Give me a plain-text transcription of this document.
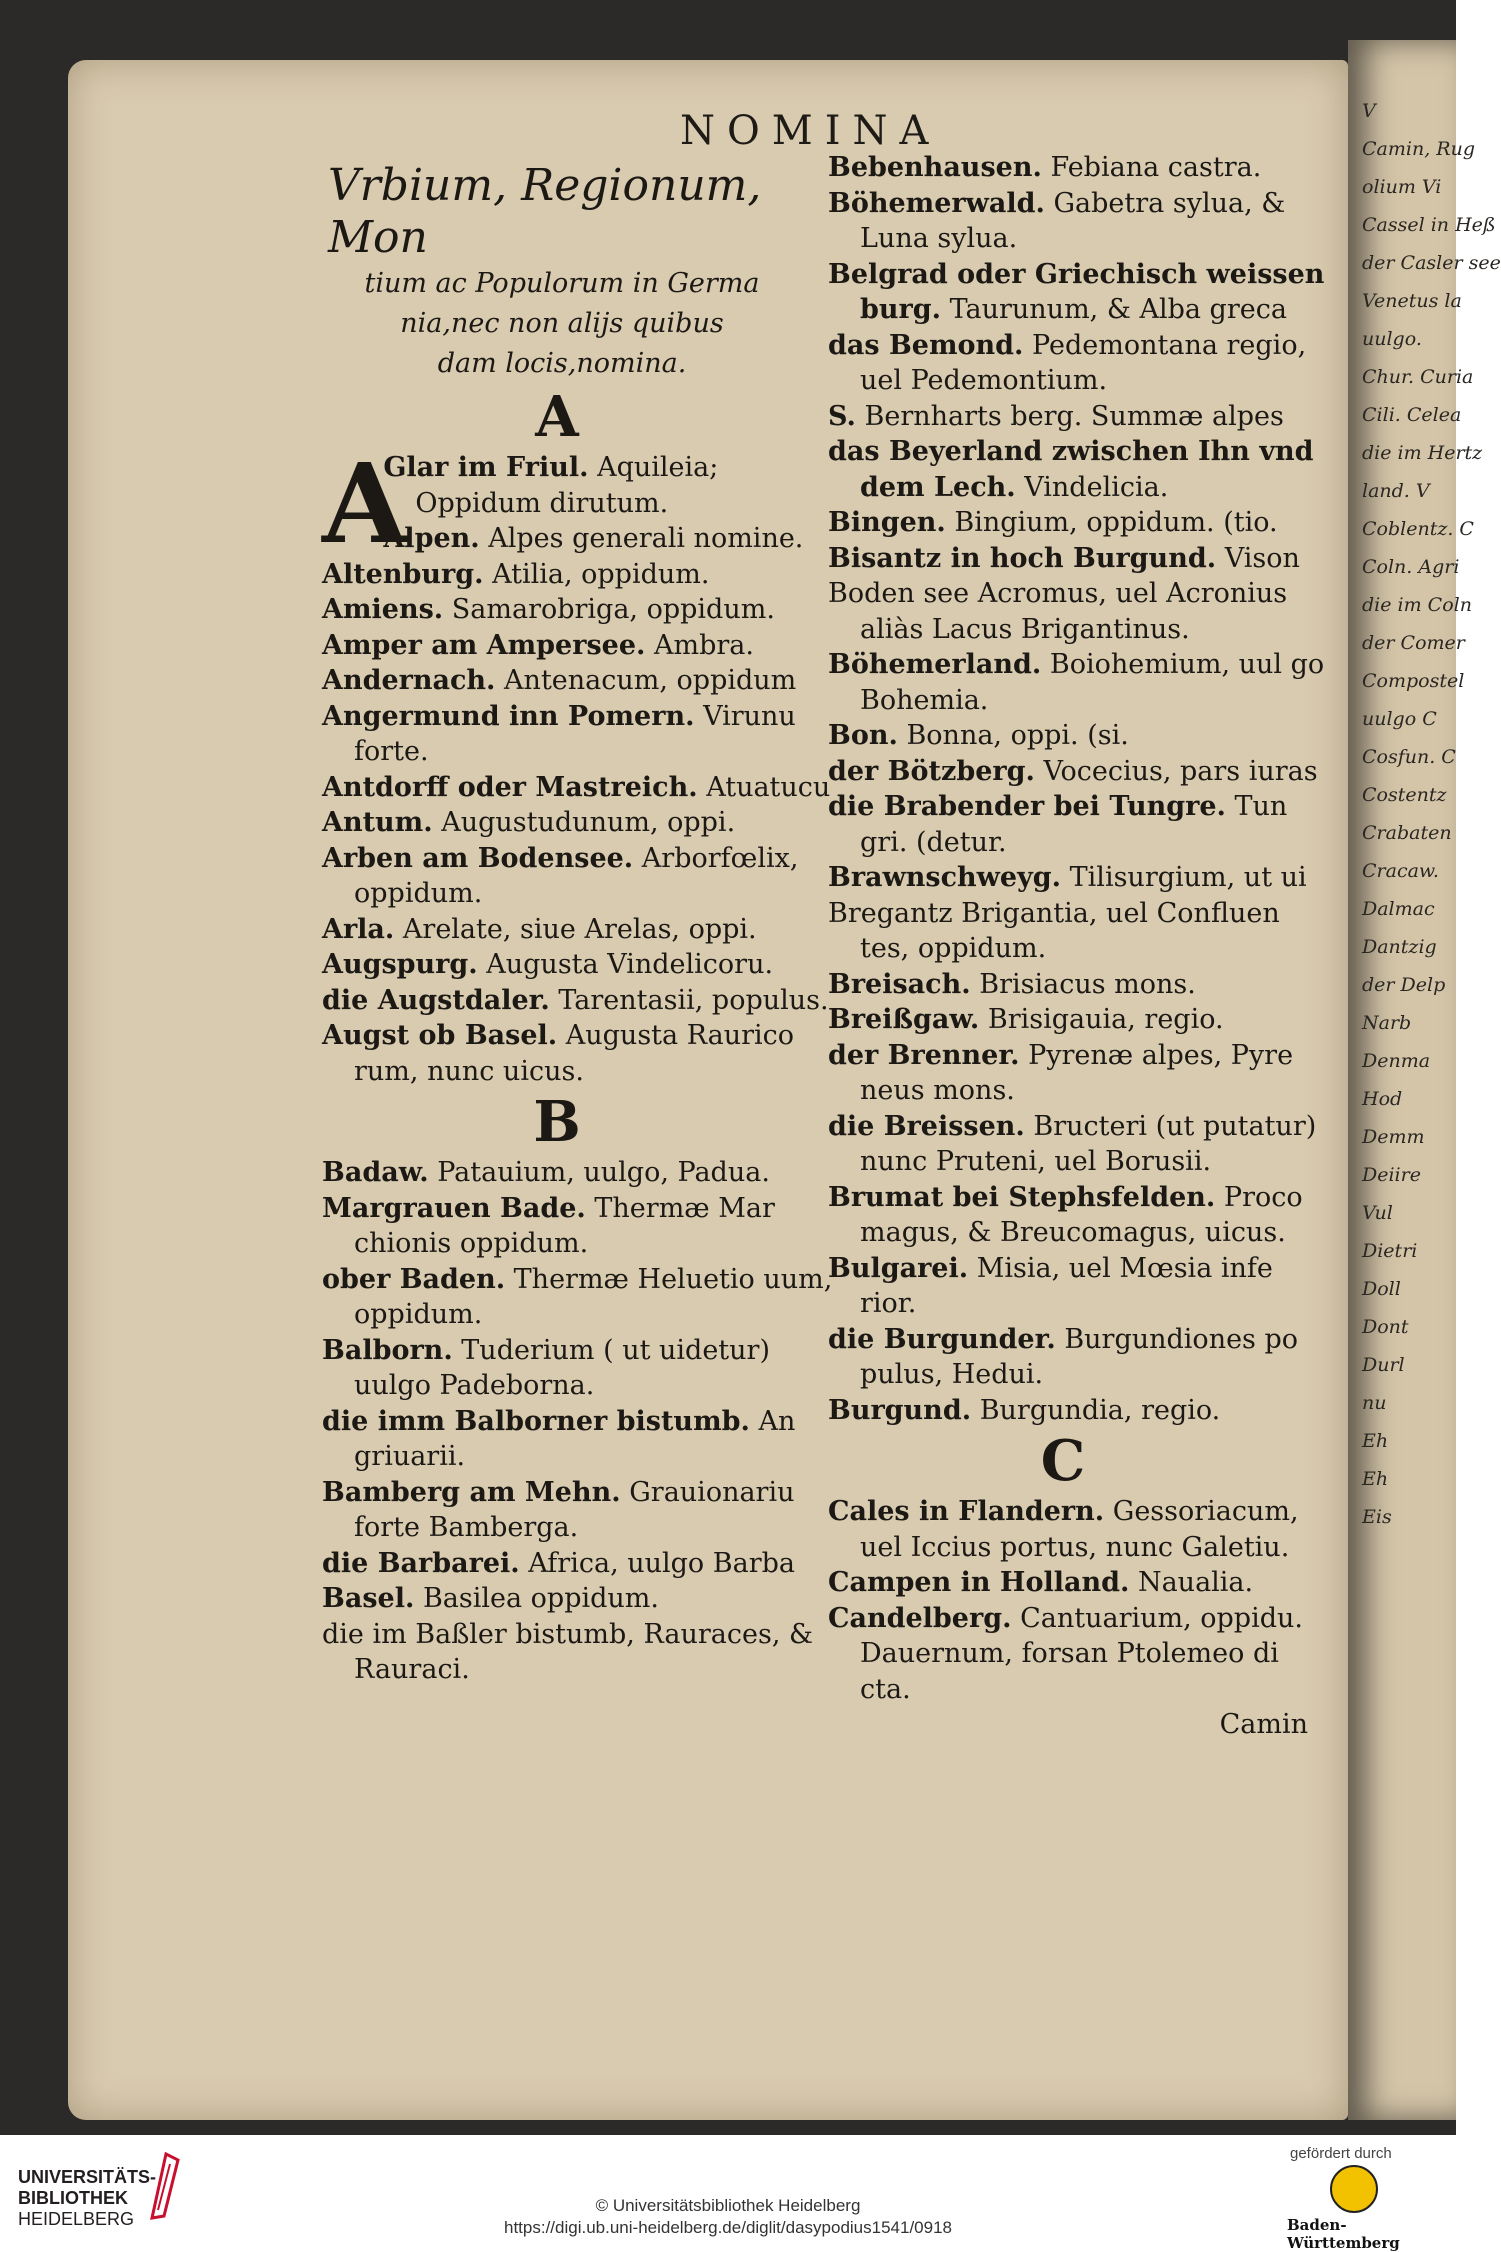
V
Camin, Rug
olium Vi
Cassel in Heß
der Casler see
Venetus la
uulgo.
Chur. Curia
Cili. Celea
die im Hertz
land. V
Coblentz. C
Coln. Agri
die im Coln
der Comer
Compostel
uulgo C
Cosfun. C
Costentz
Crabaten
Cracaw.
Dalmac
Dantzig
der Delp
Narb
Denma
Hod
Demm
Deiire
Vul
Dietri
Doll
Dont
Durl
nu
Eh
Eh
Eis
NOMINA

Vrbium, Regionum, Mon

tium ac Populorum in Germa

nia,nec non alijs quibus

dam locis,nomina.

A

A

Glar im Friul. Aquileia; Oppidum dirutum.

Alpen. Alpes generali nomine.

Altenburg. Atilia, oppidum.

Amiens. Samarobriga, oppidum.

Amper am Ampersee. Ambra.

Andernach. Antenacum, oppidum

Angermund inn Pomern. Virunu forte.

Antdorff oder Mastreich. Atuatucu

Antum. Augustudunum, oppi.

Arben am Bodensee. Arborfœlix, oppidum.

Arla. Arelate, siue Arelas, oppi.

Augspurg. Augusta Vindelicoru.

die Augstdaler. Tarentasii, populus.

Augst ob Basel. Augusta Raurico rum, nunc uicus.

B

Badaw. Patauium, uulgo, Padua.

Margrauen Bade. Thermæ Mar chionis oppidum.

ober Baden. Thermæ Heluetio uum, oppidum.

Balborn. Tuderium ( ut uidetur) uulgo Padeborna.

die imm Balborner bistumb. An griuarii.

Bamberg am Mehn. Grauionariu forte Bamberga.

die Barbarei. Africa, uulgo Barba

Basel. Basilea oppidum.

die im Baßler bistumb, Rauraces, & Rauraci.

Bebenhausen. Febiana castra.

Böhemerwald. Gabetra sylua, & Luna sylua.

Belgrad oder Griechisch weissen burg. Taurunum, & Alba greca

das Bemond. Pedemontana regio, uel Pedemontium.

S. Bernharts berg. Summæ alpes

das Beyerland zwischen Ihn vnd dem Lech. Vindelicia.

Bingen. Bingium, oppidum. (tio.

Bisantz in hoch Burgund. Vison

Boden see Acromus, uel Acronius aliàs Lacus Brigantinus.

Böhemerland. Boiohemium, uul go Bohemia.

Bon. Bonna, oppi. (si.

der Bötzberg. Vocecius, pars iuras

die Brabender bei Tungre. Tun gri. (detur.

Brawnschweyg. Tilisurgium, ut ui

Bregantz Brigantia, uel Confluen tes, oppidum.

Breisach. Brisiacus mons.

Breißgaw. Brisigauia, regio.

der Brenner. Pyrenæ alpes, Pyre neus mons.

die Breissen. Bructeri (ut putatur) nunc Pruteni, uel Borusii.

Brumat bei Stephsfelden. Proco magus, & Breucomagus, uicus.

Bulgarei. Misia, uel Mœsia infe rior.

die Burgunder. Burgundiones po pulus, Hedui.

Burgund. Burgundia, regio.

C

Cales in Flandern. Gessoriacum, uel Iccius portus, nunc Galetiu.

Campen in Holland. Naualia.

Candelberg. Cantuarium, oppidu. Dauernum, forsan Ptolemeo di cta.

Camin

UNIVERSITÄTS-
BIBLIOTHEK
HEIDELBERG
© Universitätsbibliothek Heidelberg
https://digi.ub.uni-heidelberg.de/diglit/dasypodius1541/0918
gefördert durch
Baden-Württemberg
